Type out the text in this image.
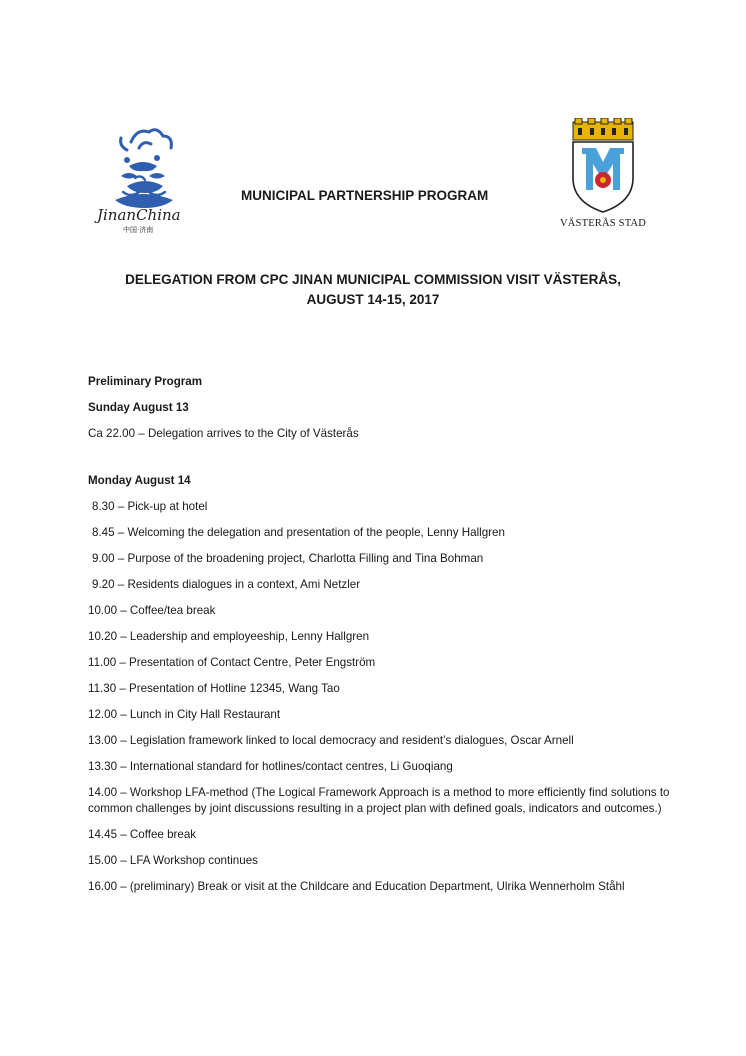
JinanChina
中国·济南
VÄSTERÅS STAD
MUNICIPAL PARTNERSHIP PROGRAM
DELEGATION FROM CPC JINAN MUNICIPAL COMMISSION VISIT VÄSTERÅS,
AUGUST 14-15, 2017

Preliminary Program

Sunday August 13

Ca 22.00 – Delegation arrives to the City of Västerås

Monday August 14

8.30 – Pick-up at hotel

8.45 – Welcoming the delegation and presentation of the people, Lenny Hallgren

9.00 – Purpose of the broadening project, Charlotta Filling and Tina Bohman

9.20 – Residents dialogues in a context, Ami Netzler

10.00 – Coffee/tea break

10.20 – Leadership and employeeship, Lenny Hallgren

11.00 – Presentation of Contact Centre, Peter Engström

11.30 – Presentation of Hotline 12345, Wang Tao

12.00 – Lunch in City Hall Restaurant

13.00 – Legislation framework linked to local democracy and resident’s dialogues, Oscar Arnell

13.30 – International standard for hotlines/contact centres, Li Guoqiang

14.00 – Workshop LFA-method (The Logical Framework Approach is a method to more efficiently find solutions to common challenges by joint discussions resulting in a project plan with defined goals, indicators and outcomes.)

14.45 – Coffee break

15.00 – LFA Workshop continues

16.00 – (preliminary) Break or visit at the Childcare and Education Department, Ulrika Wennerholm Ståhl
